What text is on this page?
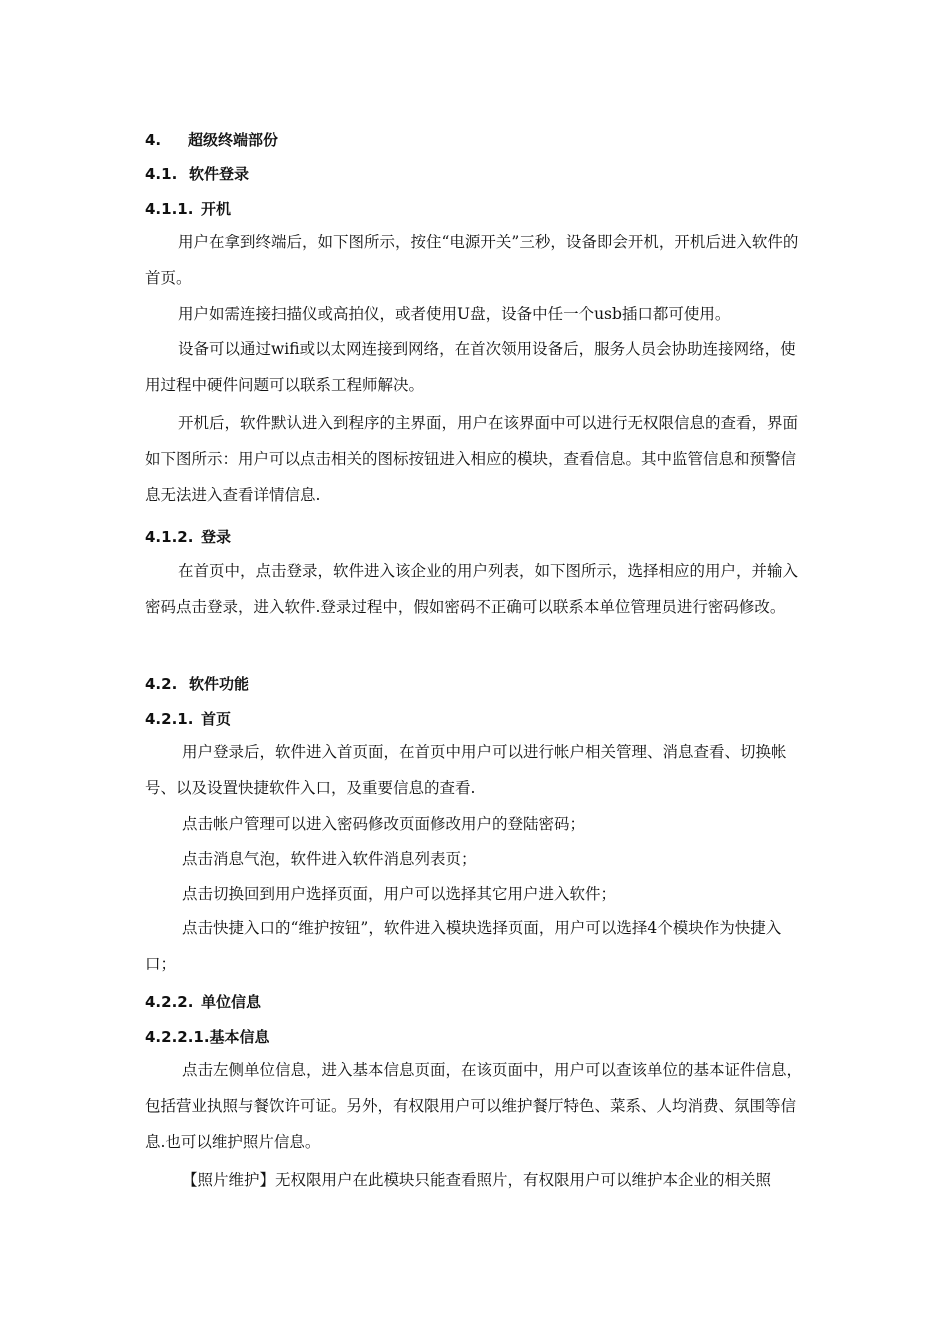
4. 超级终端部份
4.1. 软件登录
4.1.1. 开机

用户在拿到终端后，如下图所示，按住“电源开关”三秒，设备即会开机，开机后进入软件的首页。

用户如需连接扫描仪或高拍仪，或者使用U盘，设备中任一个usb插口都可使用。

设备可以通过wifi或以太网连接到网络，在首次领用设备后，服务人员会协助连接网络，使用过程中硬件问题可以联系工程师解决。

开机后，软件默认进入到程序的主界面，用户在该界面中可以进行无权限信息的查看，界面如下图所示：用户可以点击相关的图标按钮进入相应的模块，查看信息。其中监管信息和预警信息无法进入查看详情信息.

4.1.2. 登录

在首页中，点击登录，软件进入该企业的用户列表，如下图所示，选择相应的用户，并输入密码点击登录，进入软件.登录过程中，假如密码不正确可以联系本单位管理员进行密码修改。

4.2. 软件功能
4.2.1. 首页

用户登录后，软件进入首页面，在首页中用户可以进行帐户相关管理、消息查看、切换帐号、以及设置快捷软件入口，及重要信息的查看.

点击帐户管理可以进入密码修改页面修改用户的登陆密码；

点击消息气泡，软件进入软件消息列表页；

点击切换回到用户选择页面，用户可以选择其它用户进入软件；

点击快捷入口的“维护按钮”，软件进入模块选择页面，用户可以选择4个模块作为快捷入口；

4.2.2. 单位信息
4.2.2.1.基本信息

点击左侧单位信息，进入基本信息页面，在该页面中，用户可以查该单位的基本证件信息，包括营业执照与餐饮许可证。另外，有权限用户可以维护餐厅特色、菜系、人均消费、氛围等信息.也可以维护照片信息。

【照片维护】无权限用户在此模块只能查看照片，有权限用户可以维护本企业的相关照
